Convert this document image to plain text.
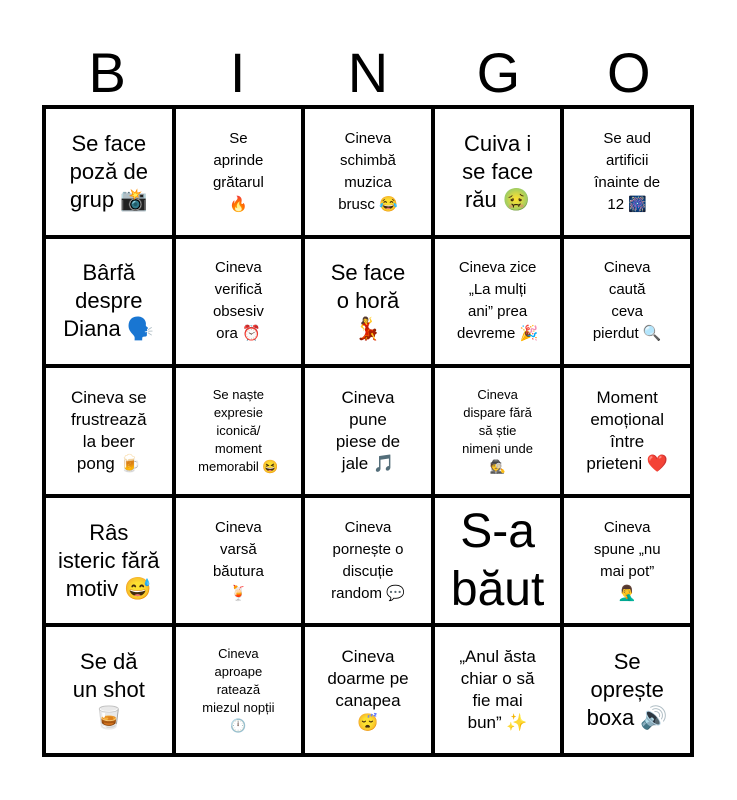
B	I	N	G	O
Se face
poză de
grup 📸
Se
aprinde
grătarul
🔥
Cineva
schimbă
muzica
brusc 😂
Cuiva i
se face
rău 🤢
Se aud
artificii
înainte de
12 🎆
Bârfă
despre
Diana 🗣️
Cineva
verifică
obsesiv
ora ⏰
Se face
o horă
💃
Cineva zice
„La mulți
ani” prea
devreme 🎉
Cineva
caută
ceva
pierdut 🔍
Cineva se
frustrează
la beer
pong 🍺
Se naște
expresie
iconică/
moment
memorabil 😆
Cineva
pune
piese de
jale 🎵
Cineva
dispare fără
să știe
nimeni unde
🕵️
Moment
emoțional
între
prieteni ❤️
Râs
isteric fără
motiv 😅
Cineva
varsă
băutura
🍹
Cineva
pornește o
discuție
random 💬
S-a
băut
Cineva
spune „nu
mai pot”
🤦‍♂️
Se dă
un shot
🥃
Cineva
aproape
ratează
miezul nopții
🕛
Cineva
doarme pe
canapea
😴
„Anul ăsta
chiar o să
fie mai
bun” ✨
Se
oprește
boxa 🔊
